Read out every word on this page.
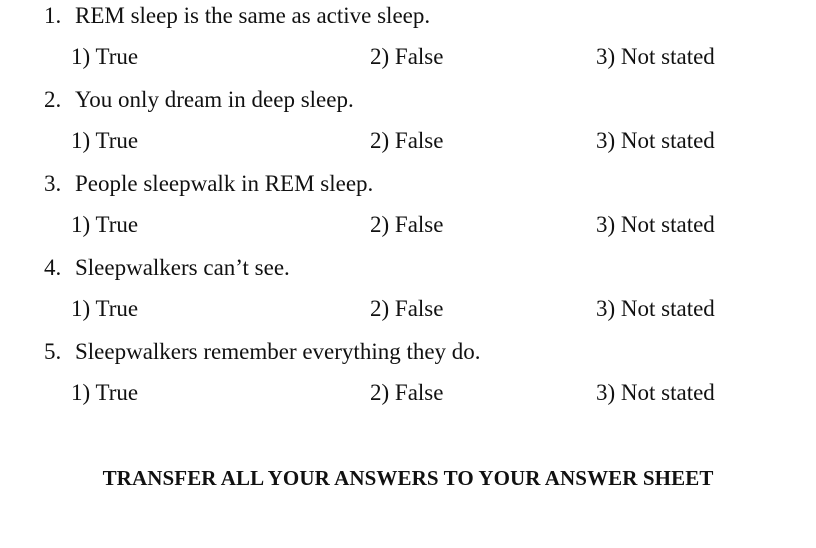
1. REM sleep is the same as active sleep.
1) True	2) False	3) Not stated
2. You only dream in deep sleep.
1) True	2) False	3) Not stated
3. People sleepwalk in REM sleep.
1) True	2) False	3) Not stated
4. Sleepwalkers can’t see.
1) True	2) False	3) Not stated
5. Sleepwalkers remember everything they do.
1) True	2) False	3) Not stated
TRANSFER ALL YOUR ANSWERS TO YOUR ANSWER SHEET
